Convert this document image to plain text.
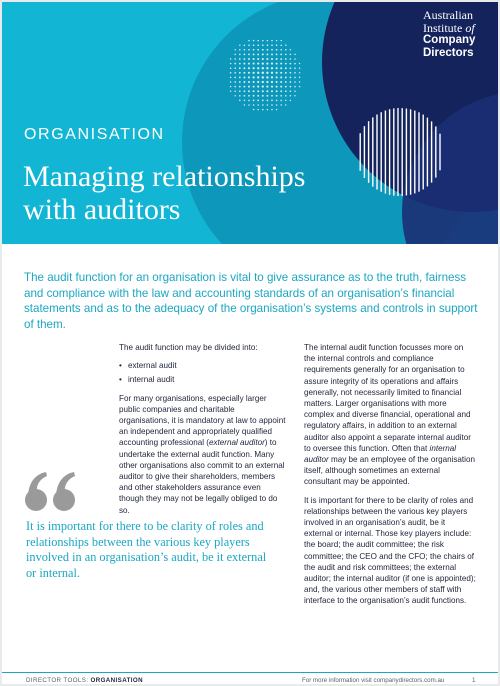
Australian
Institute of
Company
Directors
ORGANISATION
Managing relationships with auditors
The audit function for an organisation is vital to give assurance as to the truth, fairness and compliance with the law and accounting standards of an organisation’s financial statements and as to the adequacy of the organisation’s systems and controls in support of them.

The audit function may be divided into:

• external audit
• internal audit

For many organisations, especially larger public companies and charitable organisations, it is mandatory at law to appoint an independent and appropriately qualified accounting professional (external auditor) to undertake the external audit function. Many other organisations also commit to an external auditor to give their shareholders, members and other stakeholders assurance even though they may not be legally obliged to do so.

The internal audit function focusses more on the internal controls and compliance requirements generally for an organisation to assure integrity of its operations and affairs generally, not necessarily limited to financial matters. Larger organisations with more complex and diverse financial, operational and regulatory affairs, in addition to an external auditor also appoint a separate internal auditor to oversee this function. Often that internal auditor may be an employee of the organisation itself, although sometimes an external consultant may be appointed.

It is important for there to be clarity of roles and relationships between the various key players involved in an organisation’s audit, be it external or internal. Those key players include: the board; the audit committee; the risk committee; the CEO and the CFO; the chairs of the audit and risk committees; the external auditor; the internal auditor (if one is appointed); and, the various other members of staff with interface to the organisation’s audit functions.

It is important for there to be clarity of roles and relationships between the various key players involved in an organisation’s audit, be it external or internal.
DIRECTOR TOOLS: ORGANISATION	For more information visit companydirectors.com.au	1
